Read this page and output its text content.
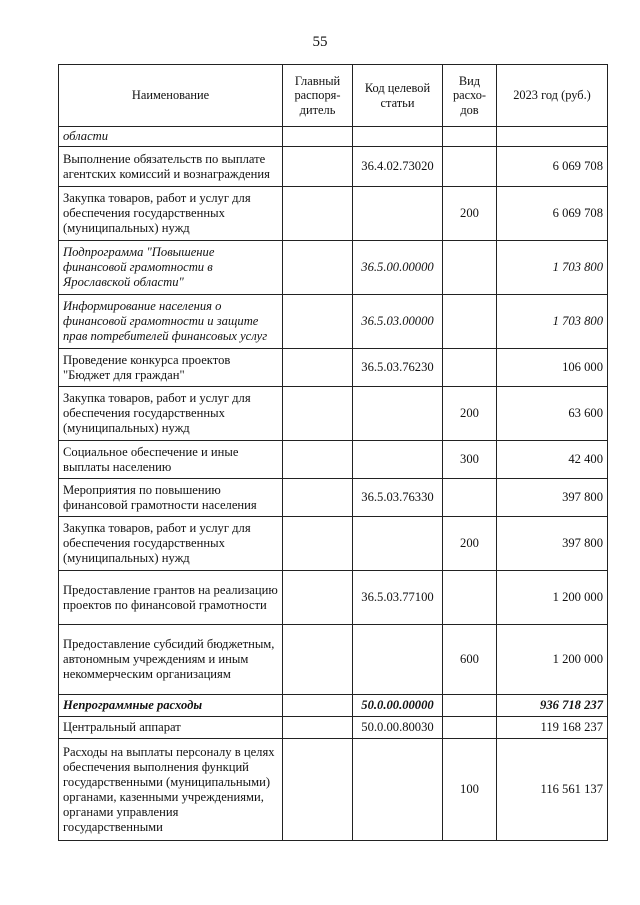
55
Наименование	Главный распоря-дитель	Код целевой статьи	Вид расхо-дов	2023 год (руб.)
области				
Выполнение обязательств по выплате агентских комиссий и вознаграждения		36.4.02.73020		6 069 708
Закупка товаров, работ и услуг для обеспечения государственных (муниципальных) нужд			200	6 069 708
Подпрограмма "Повышение финансовой грамотности в Ярославской области"		36.5.00.00000		1 703 800
Информирование населения о финансовой грамотности и защите прав потребителей финансовых услуг		36.5.03.00000		1 703 800
Проведение конкурса проектов "Бюджет для граждан"		36.5.03.76230		106 000
Закупка товаров, работ и услуг для обеспечения государственных (муниципальных) нужд			200	63 600
Социальное обеспечение и иные выплаты населению			300	42 400
Мероприятия по повышению финансовой грамотности населения		36.5.03.76330		397 800
Закупка товаров, работ и услуг для обеспечения государственных (муниципальных) нужд			200	397 800
Предоставление грантов на реализацию проектов по финансовой грамотности		36.5.03.77100		1 200 000
Предоставление субсидий бюджетным, автономным учреждениям и иным некоммерческим организациям			600	1 200 000
Непрограммные расходы		50.0.00.00000		936 718 237
Центральный аппарат		50.0.00.80030		119 168 237
Расходы на выплаты персоналу в целях обеспечения выполнения функций государственными (муниципальными) органами, казенными учреждениями, органами управления государственными			100	116 561 137
